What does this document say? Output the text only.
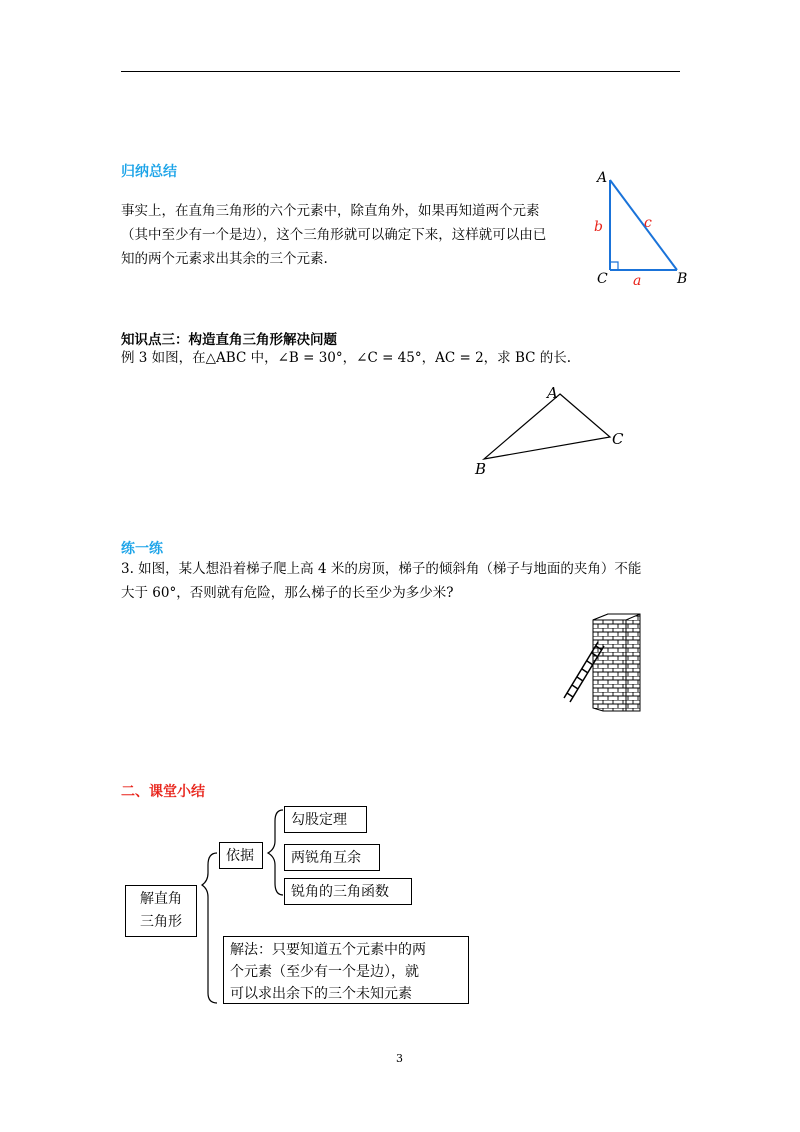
归纳总结
事实上，在直角三角形的六个元素中，除直角外，如果再知道两个元素
（其中至少有一个是边），这个三角形就可以确定下来，这样就可以由已
知的两个元素求出其余的三个元素.
A
C	B
b	c
a
知识点三：构造直角三角形解决问题
例 3 如图，在△ABC 中，∠B = 30°，∠C = 45°，AC = 2，求 BC 的长.
A
C
B
练一练
3. 如图，某人想沿着梯子爬上高 4 米的房顶，梯子的倾斜角（梯子与地面的夹角）不能
大于 60°，否则就有危险，那么梯子的长至少为多少米?
二、课堂小结
解直角
三角形
依据
勾股定理
两锐角互余
锐角的三角函数
解法：只要知道五个元素中的两
个元素（至少有一个是边），就
可以求出余下的三个未知元素
3
